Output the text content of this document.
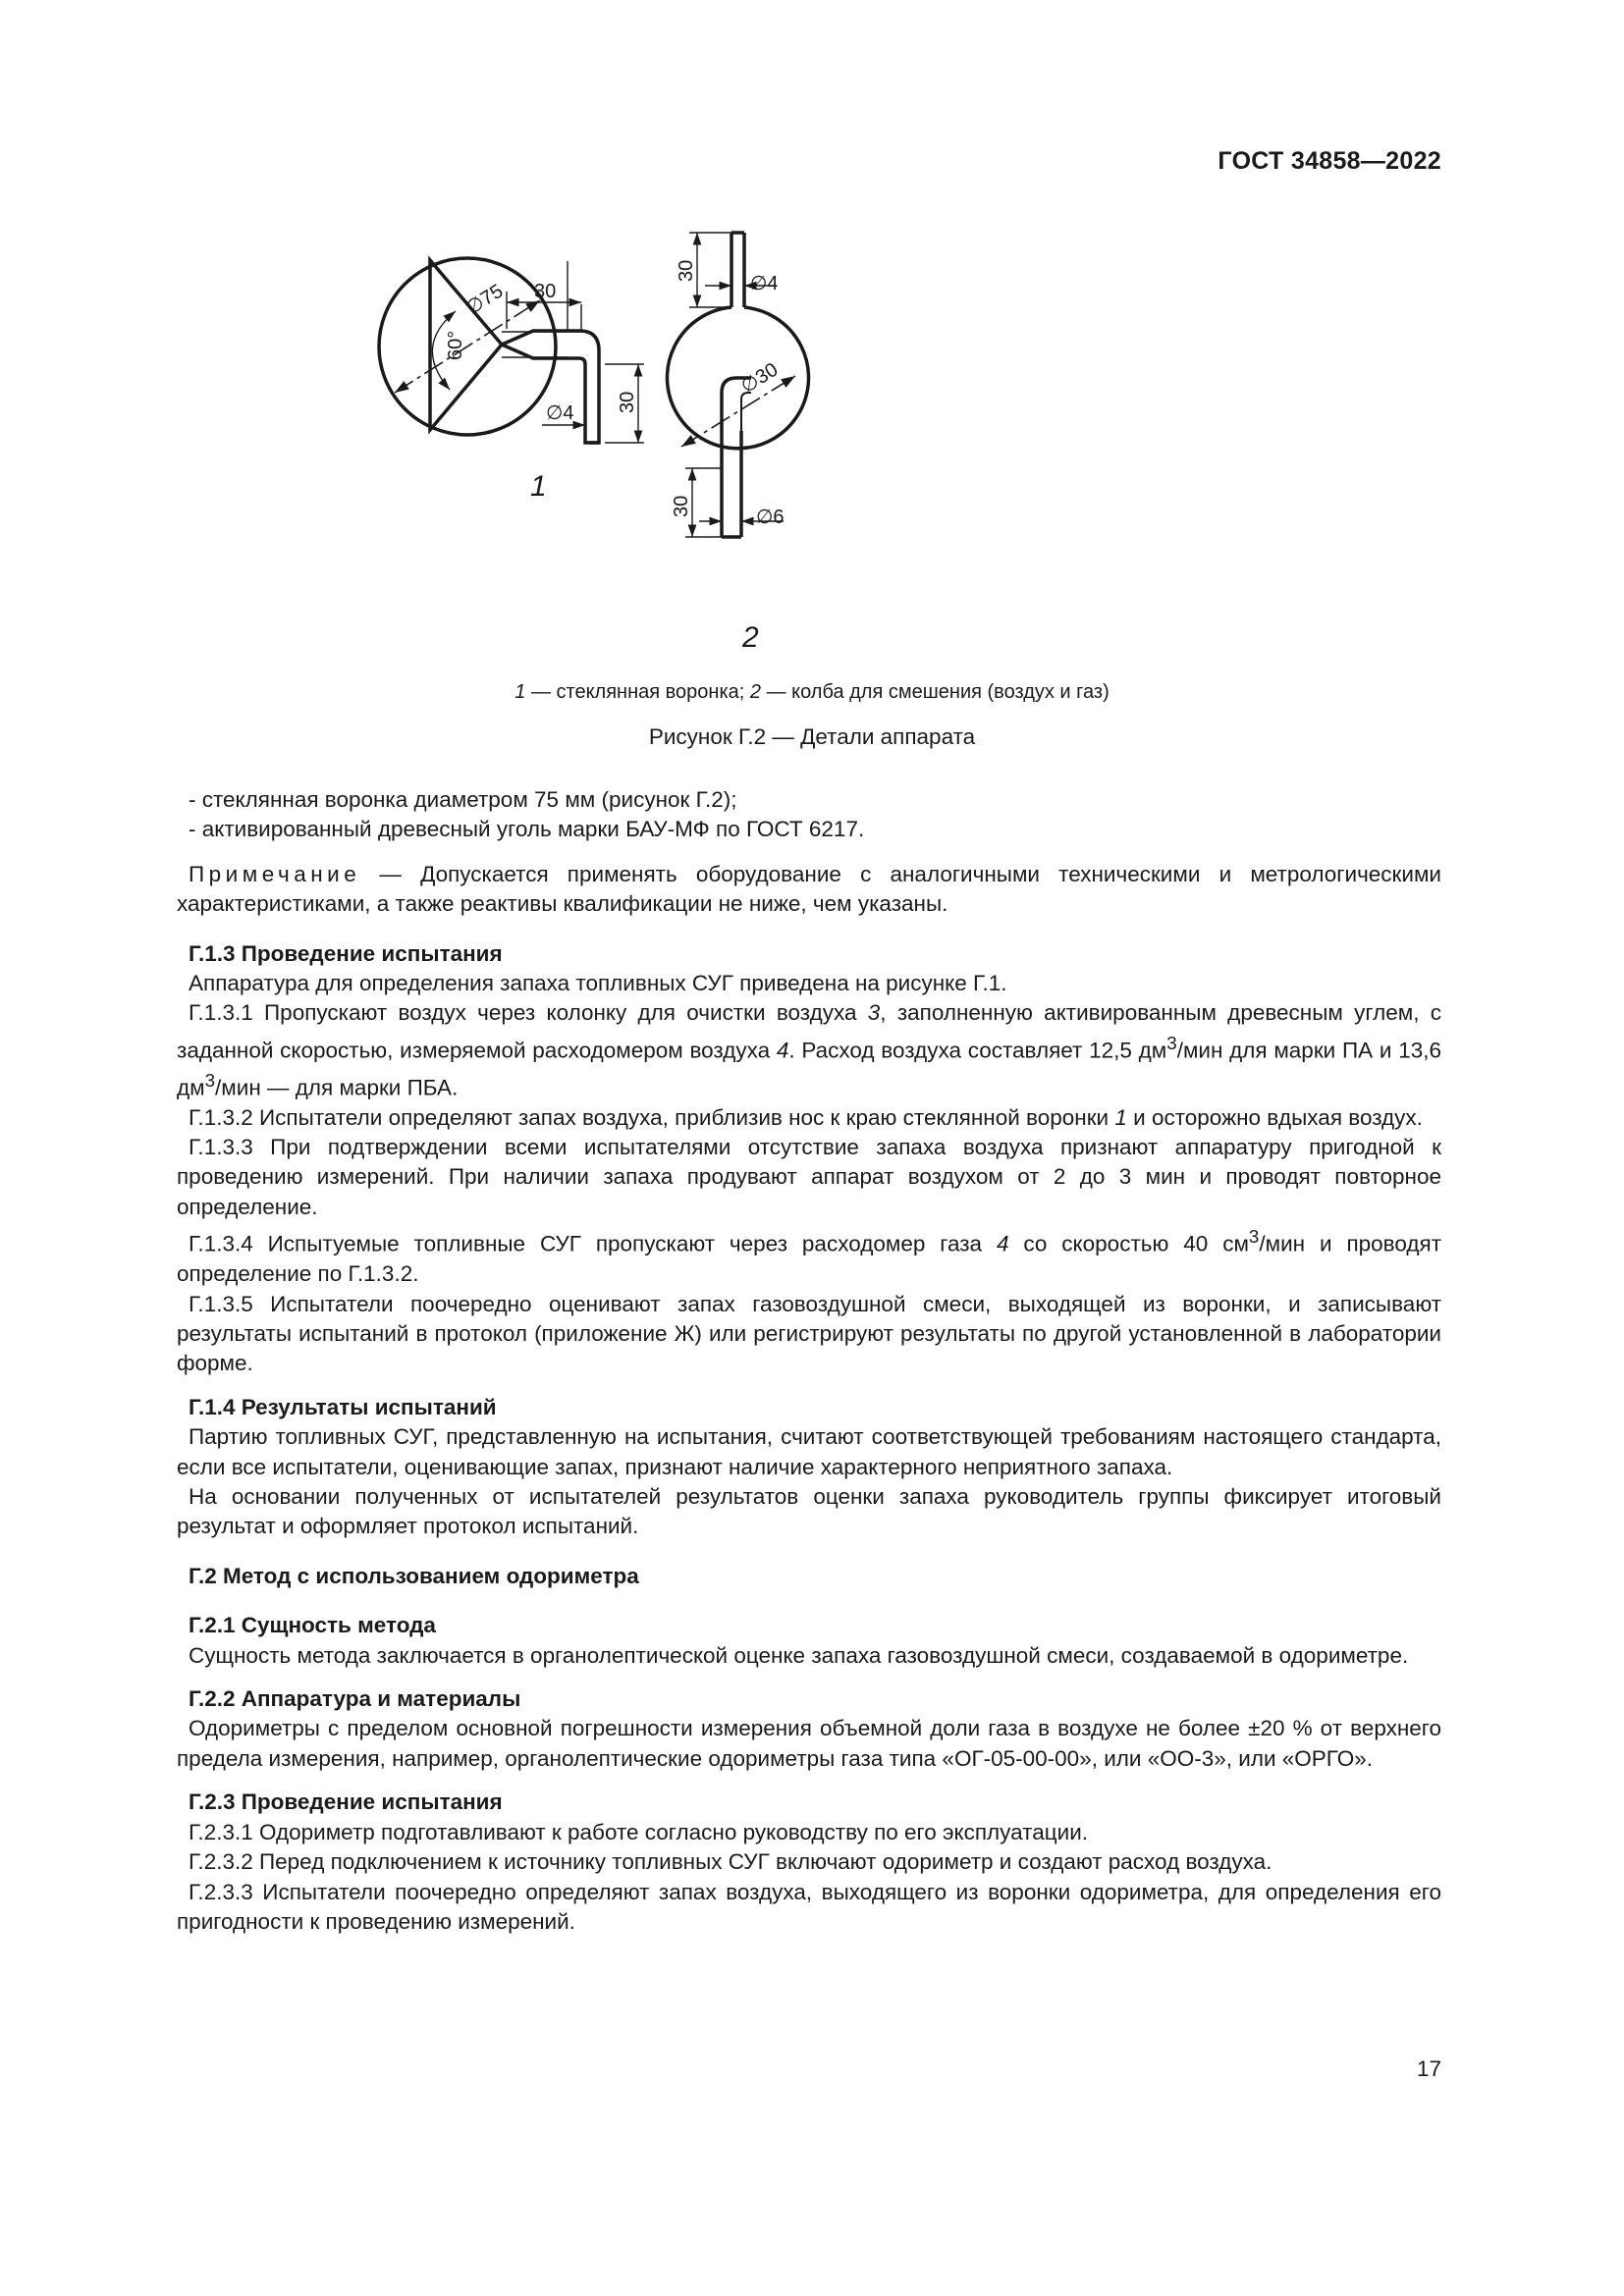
ГОСТ 34858—2022
∅75
60°
30
∅4 30
30
∅4
∅30
30	∅6
1
2
1 — стеклянная воронка; 2 — колба для смешения (воздух и газ)
Рисунок Г.2 — Детали аппарата

- стеклянная воронка диаметром 75 мм (рисунок Г.2);

- активированный древесный уголь марки БАУ-МФ по ГОСТ 6217.

Примечание — Допускается применять оборудование с аналогичными техническими и метрологическими характеристиками, а также реактивы квалификации не ниже, чем указаны.

Г.1.3 Проведение испытания

Аппаратура для определения запаха топливных СУГ приведена на рисунке Г.1.

Г.1.3.1 Пропускают воздух через колонку для очистки воздуха 3, заполненную активированным древесным углем, с заданной скоростью, измеряемой расходомером воздуха 4. Расход воздуха составляет 12,5 $дм^3$/мин для марки ПА и 13,6 $дм^3$/мин — для марки ПБА.

Г.1.3.2 Испытатели определяют запах воздуха, приблизив нос к краю стеклянной воронки 1 и осторожно вдыхая воздух.

Г.1.3.3 При подтверждении всеми испытателями отсутствие запаха воздуха признают аппаратуру пригодной к проведению измерений. При наличии запаха продувают аппарат воздухом от 2 до 3 мин и проводят повторное определение.

Г.1.3.4 Испытуемые топливные СУГ пропускают через расходомер газа 4 со скоростью 40 $см^3$/мин и проводят определение по Г.1.3.2.

Г.1.3.5 Испытатели поочередно оценивают запах газовоздушной смеси, выходящей из воронки, и записывают результаты испытаний в протокол (приложение Ж) или регистрируют результаты по другой установленной в лаборатории форме.

Г.1.4 Результаты испытаний

Партию топливных СУГ, представленную на испытания, считают соответствующей требованиям настоящего стандарта, если все испытатели, оценивающие запах, признают наличие характерного неприятного запаха.

На основании полученных от испытателей результатов оценки запаха руководитель группы фиксирует итоговый результат и оформляет протокол испытаний.

Г.2 Метод с использованием одориметра

Г.2.1 Сущность метода

Сущность метода заключается в органолептической оценке запаха газовоздушной смеси, создаваемой в одориметре.

Г.2.2 Аппаратура и материалы

Одориметры с пределом основной погрешности измерения объемной доли газа в воздухе не более ±20 % от верхнего предела измерения, например, органолептические одориметры газа типа «ОГ-05-00-00», или «ОО-3», или «ОРГО».

Г.2.3 Проведение испытания

Г.2.3.1 Одориметр подготавливают к работе согласно руководству по его эксплуатации.

Г.2.3.2 Перед подключением к источнику топливных СУГ включают одориметр и создают расход воздуха.

Г.2.3.3 Испытатели поочередно определяют запах воздуха, выходящего из воронки одориметра, для определения его пригодности к проведению измерений.

17
